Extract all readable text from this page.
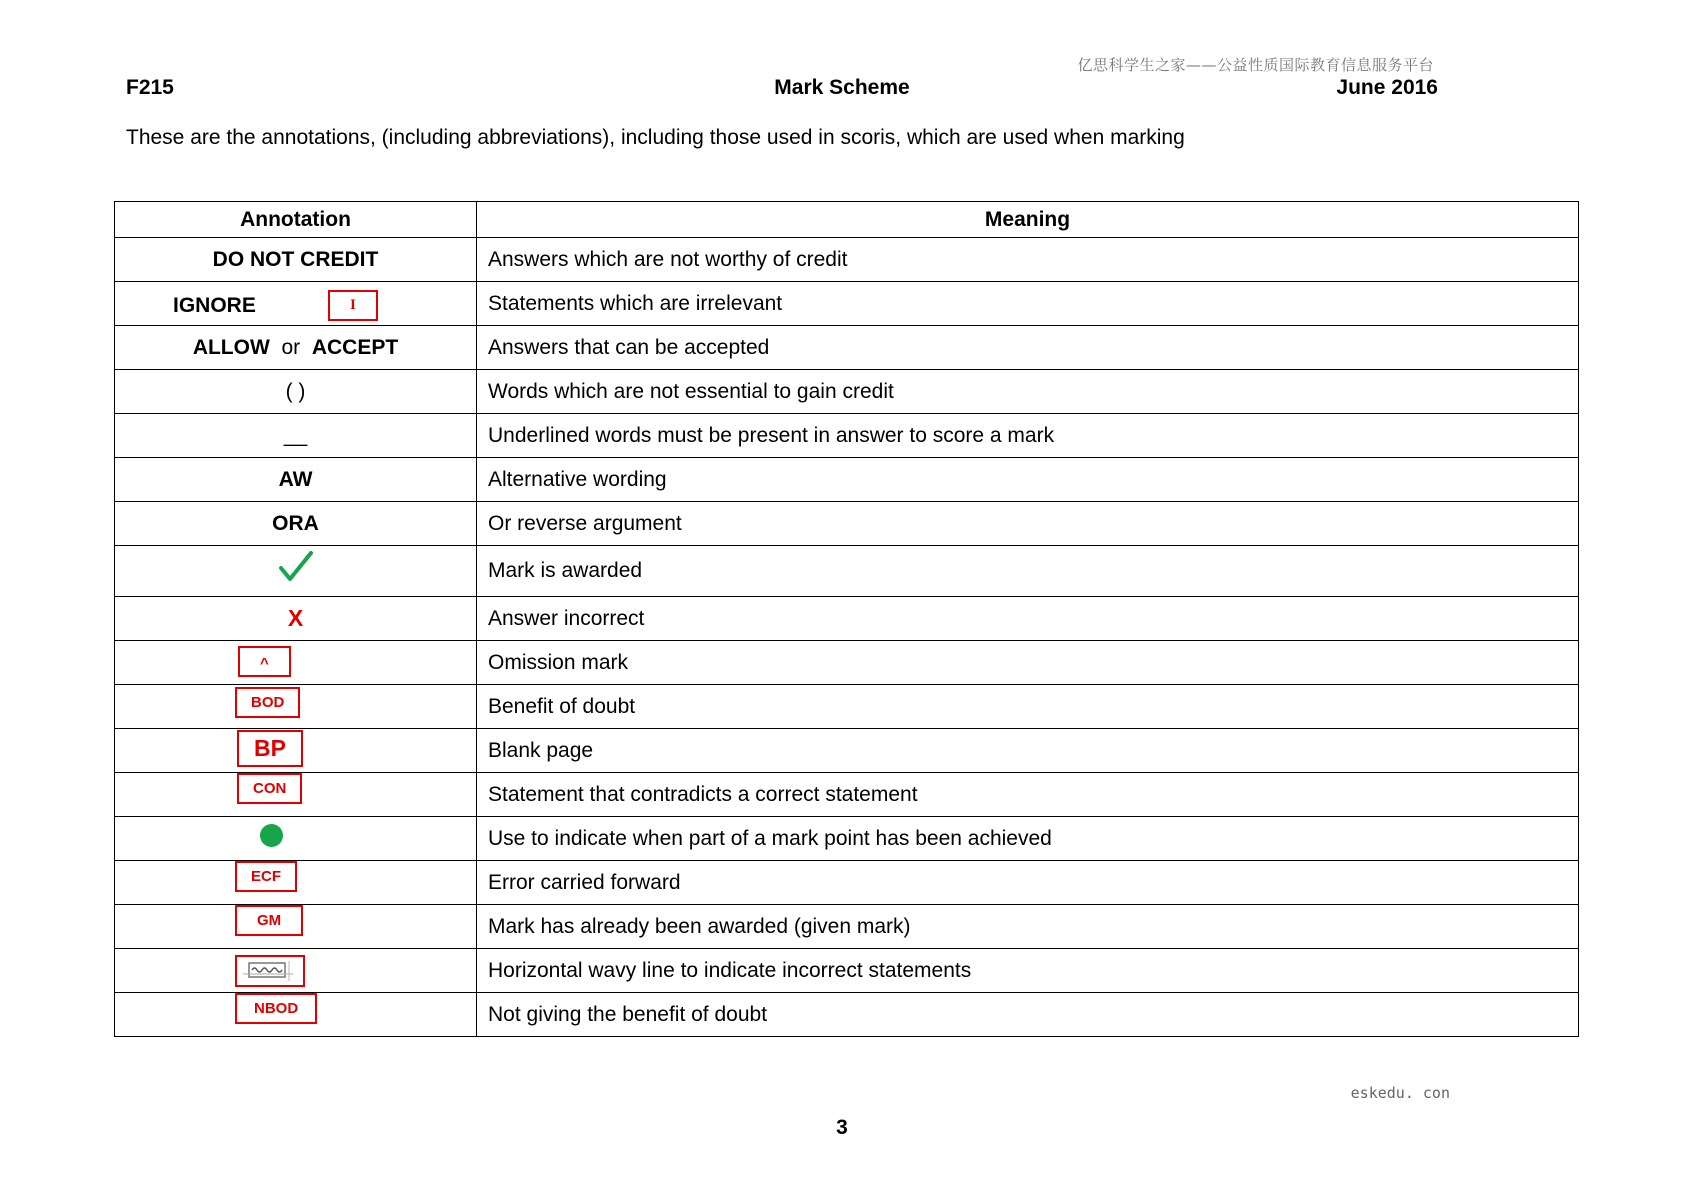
亿思科学生之家——公益性质国际教育信息服务平台
F215	Mark Scheme	June 2016
These are the annotations, (including abbreviations), including those used in scoris, which are used when marking
Annotation	Meaning
DO NOT CREDIT	Answers which are not worthy of credit

IGNORE I	Statements which are irrelevant
ALLOW or ACCEPT	Answers that can be accepted
( )	Words which are not essential to gain credit
__	Underlined words must be present in answer to score a mark
AW	Alternative wording
ORA	Or reverse argument
	Mark is awarded
X	Answer incorrect

^	Omission mark

BOD	Benefit of doubt

BP	Blank page

CON	Statement that contradicts a correct statement
	Use to indicate when part of a mark point has been achieved

ECF	Error carried forward

GM	Mark has already been awarded (given mark)

	Horizontal wavy line to indicate incorrect statements

NBOD	Not giving the benefit of doubt
eskedu. con
3
